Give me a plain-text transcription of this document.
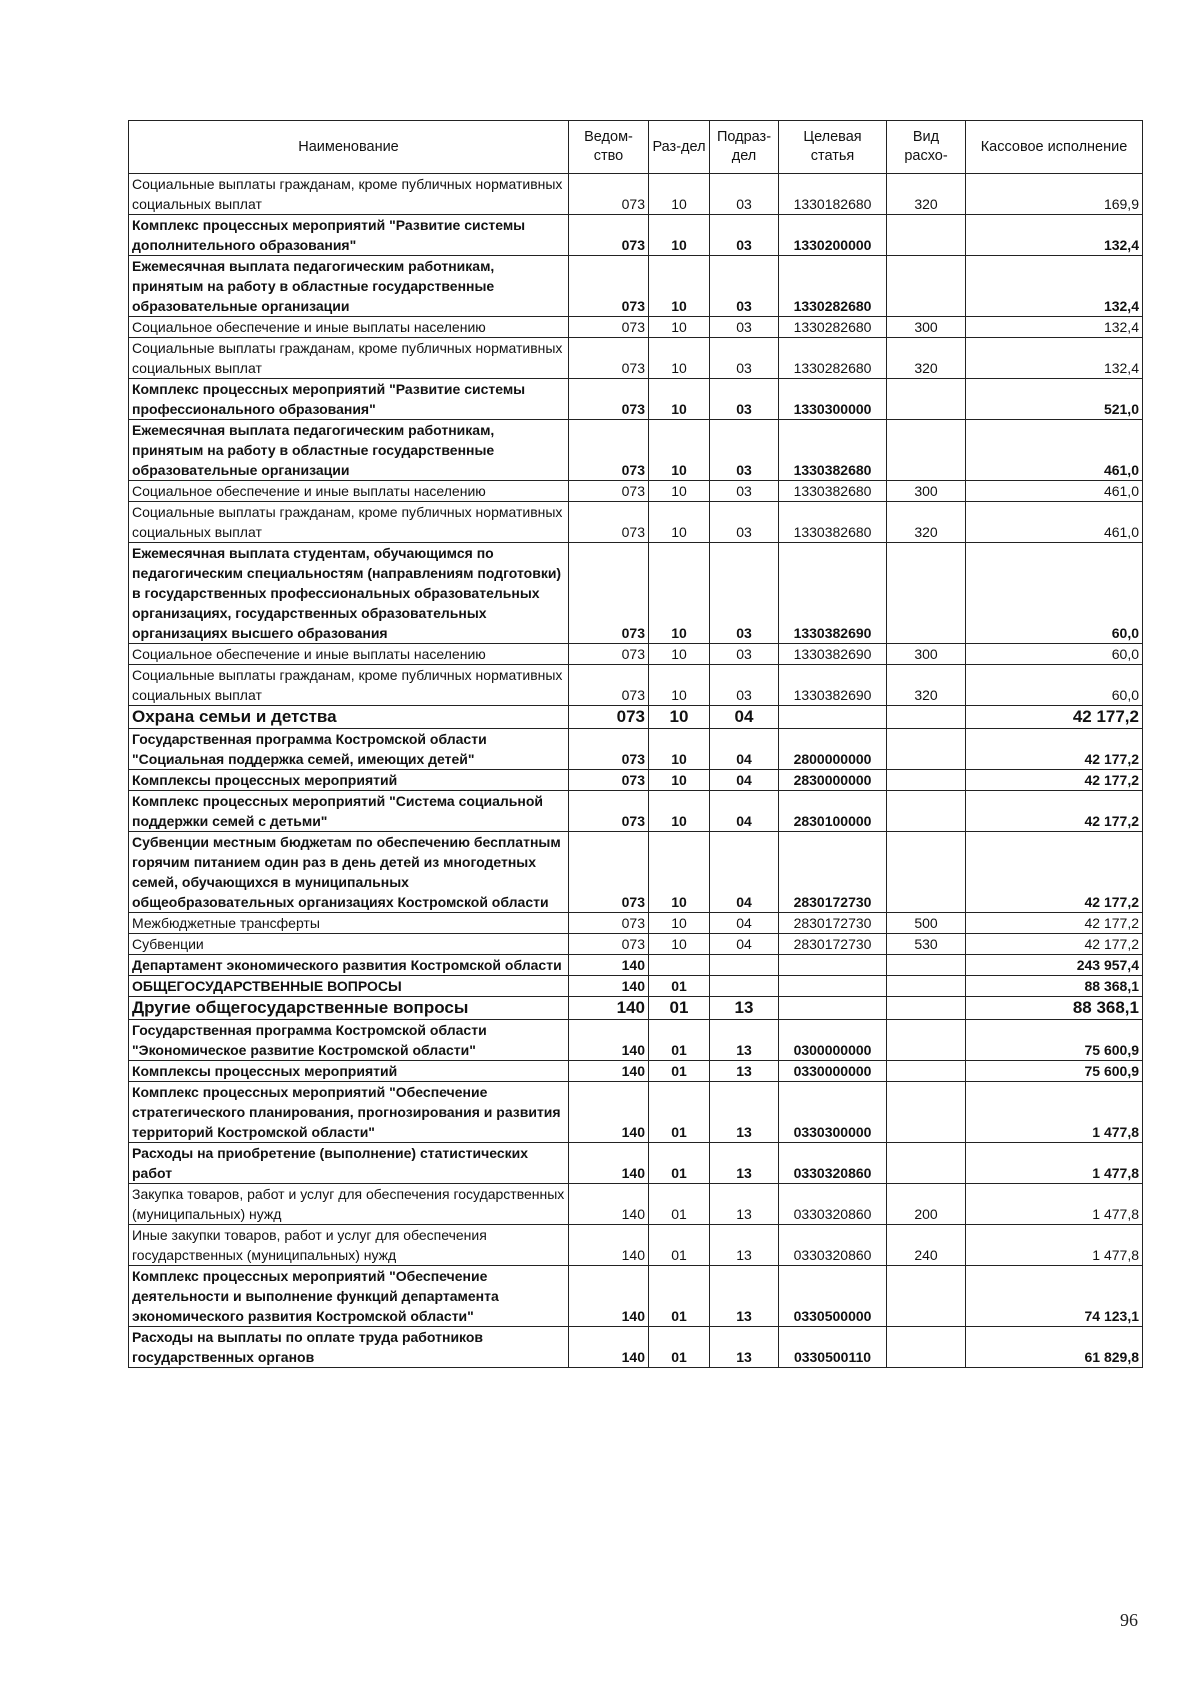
Наименование	Ведом-ство	Раз-дел	Подраз-дел	Целевая статья	Вид расхо-	Кассовое исполнение
Социальные выплаты гражданам, кроме публичных нормативных социальных выплат	073	10	03	1330182680	320	169,9
Комплекс процессных мероприятий "Развитие системы дополнительного образования"	073	10	03	1330200000		132,4
Ежемесячная выплата педагогическим работникам, принятым на работу в областные государственные образовательные организации	073	10	03	1330282680		132,4
Социальное обеспечение и иные выплаты населению	073	10	03	1330282680	300	132,4
Социальные выплаты гражданам, кроме публичных нормативных социальных выплат	073	10	03	1330282680	320	132,4
Комплекс процессных мероприятий "Развитие системы профессионального образования"	073	10	03	1330300000		521,0
Ежемесячная выплата педагогическим работникам, принятым на работу в областные государственные образовательные организации	073	10	03	1330382680		461,0
Социальное обеспечение и иные выплаты населению	073	10	03	1330382680	300	461,0
Социальные выплаты гражданам, кроме публичных нормативных социальных выплат	073	10	03	1330382680	320	461,0
Ежемесячная выплата студентам, обучающимся по педагогическим специальностям (направлениям подготовки) в государственных профессиональных образовательных организациях, государственных образовательных организациях высшего образования	073	10	03	1330382690		60,0
Социальное обеспечение и иные выплаты населению	073	10	03	1330382690	300	60,0
Социальные выплаты гражданам, кроме публичных нормативных социальных выплат	073	10	03	1330382690	320	60,0
Охрана семьи и детства	073	10	04			42 177,2
Государственная программа Костромской области "Социальная поддержка семей, имеющих детей"	073	10	04	2800000000		42 177,2
Комплексы процессных мероприятий	073	10	04	2830000000		42 177,2
Комплекс процессных мероприятий "Система социальной поддержки семей с детьми"	073	10	04	2830100000		42 177,2
Субвенции местным бюджетам по обеспечению бесплатным горячим питанием один раз в день детей из многодетных семей, обучающихся в муниципальных общеобразовательных организациях Костромской области	073	10	04	2830172730		42 177,2
Межбюджетные трансферты	073	10	04	2830172730	500	42 177,2
Субвенции	073	10	04	2830172730	530	42 177,2
Департамент экономического развития Костромской области	140					243 957,4
ОБЩЕГОСУДАРСТВЕННЫЕ ВОПРОСЫ	140	01				88 368,1
Другие общегосударственные вопросы	140	01	13			88 368,1
Государственная программа Костромской области "Экономическое развитие Костромской области"	140	01	13	0300000000		75 600,9
Комплексы процессных мероприятий	140	01	13	0330000000		75 600,9
Комплекс процессных мероприятий "Обеспечение стратегического планирования, прогнозирования и развития территорий Костромской области"	140	01	13	0330300000		1 477,8
Расходы на приобретение (выполнение) статистических работ	140	01	13	0330320860		1 477,8
Закупка товаров, работ и услуг для обеспечения государственных (муниципальных) нужд	140	01	13	0330320860	200	1 477,8
Иные закупки товаров, работ и услуг для обеспечения государственных (муниципальных) нужд	140	01	13	0330320860	240	1 477,8
Комплекс процессных мероприятий "Обеспечение деятельности и выполнение функций департамента экономического развития Костромской области"	140	01	13	0330500000		74 123,1
Расходы на выплаты по оплате труда работников государственных органов	140	01	13	0330500110		61 829,8
96
